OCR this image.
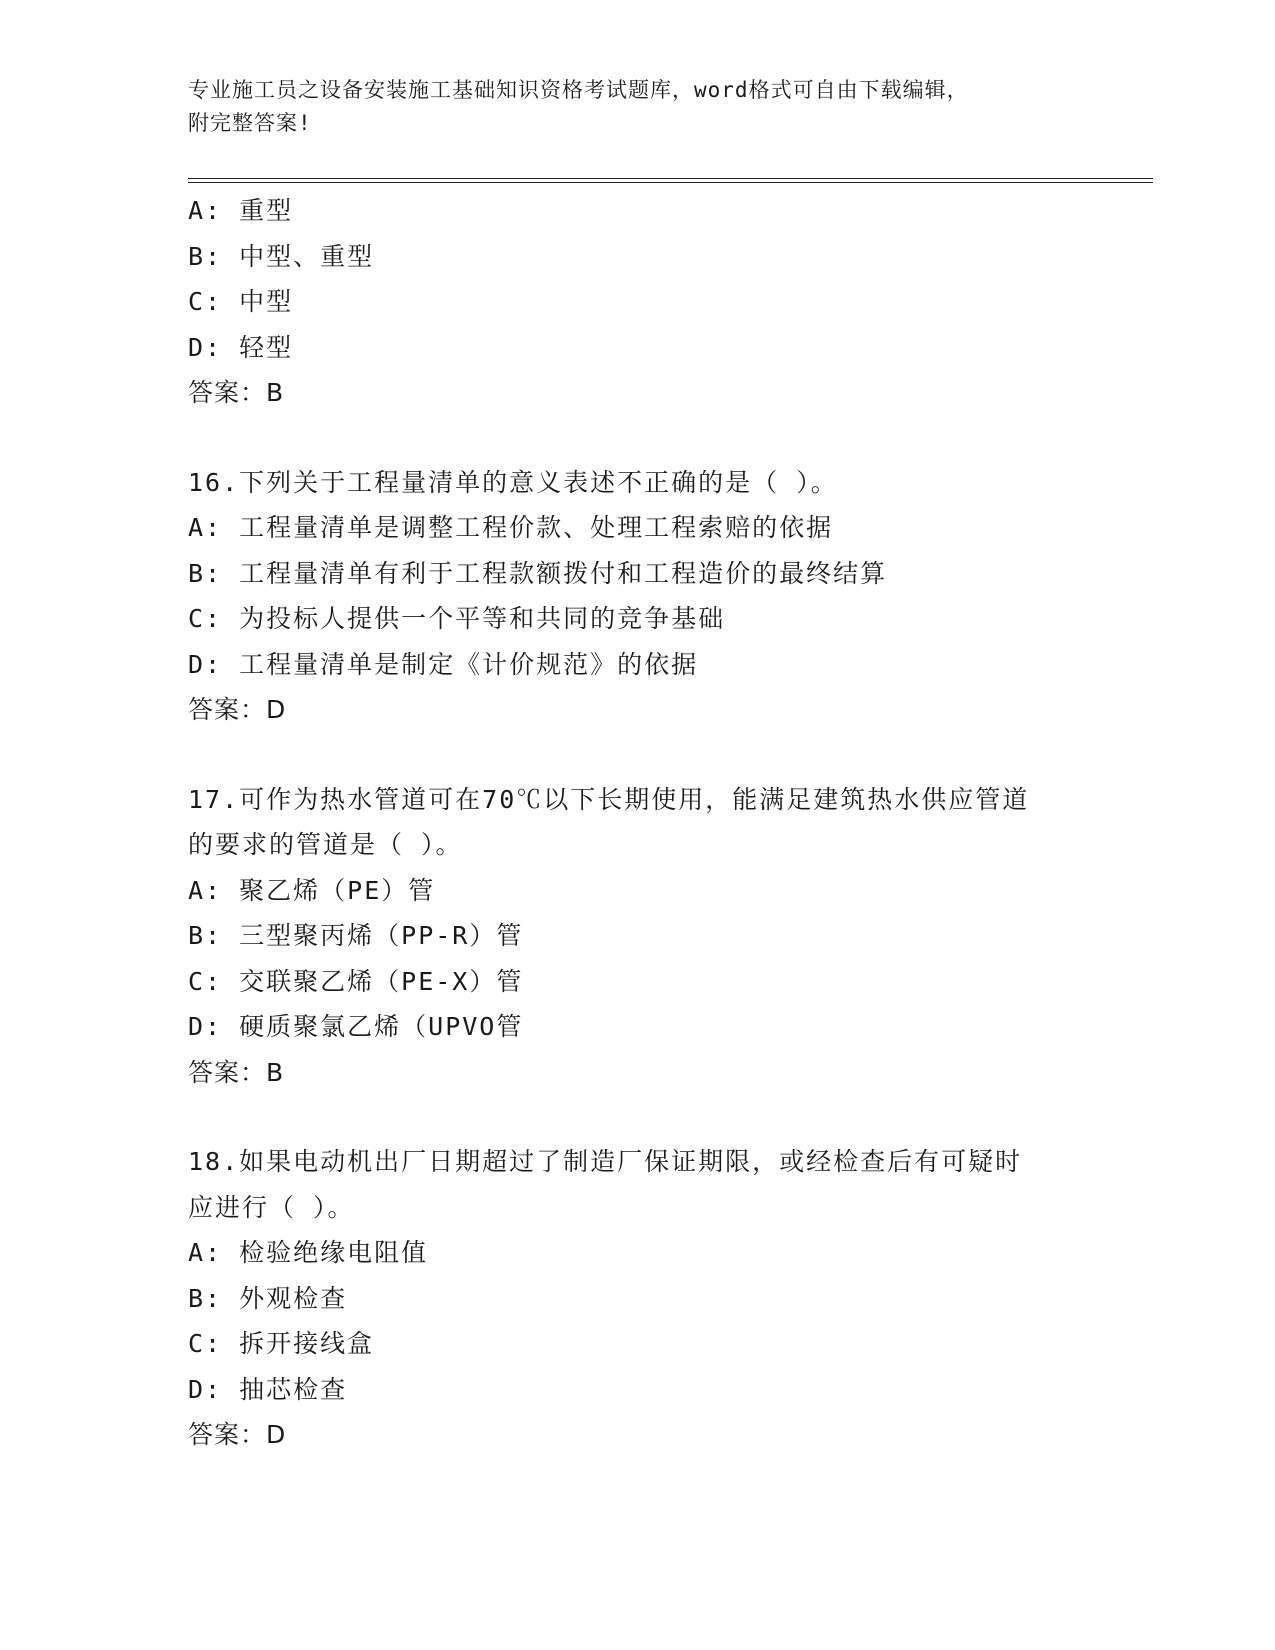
专业施工员之设备安装施工基础知识资格考试题库，word格式可自由下载编辑，
附完整答案!
A: 重型
B: 中型、重型
C: 中型
D: 轻型
答案：B
16.下列关于工程量清单的意义表述不正确的是（ ）。
A: 工程量清单是调整工程价款、处理工程索赔的依据
B: 工程量清单有利于工程款额拨付和工程造价的最终结算
C: 为投标人提供一个平等和共同的竞争基础
D: 工程量清单是制定《计价规范》的依据
答案：D
17.可作为热水管道可在70℃以下长期使用，能满足建筑热水供应管道
的要求的管道是（ ）。
A: 聚乙烯（PE）管
B: 三型聚丙烯（PP-R）管
C: 交联聚乙烯（PE-X）管
D: 硬质聚氯乙烯（UPVO管
答案：B
18.如果电动机出厂日期超过了制造厂保证期限，或经检查后有可疑时
应进行（ ）。
A: 检验绝缘电阻值
B: 外观检查
C: 拆开接线盒
D: 抽芯检查
答案：D
